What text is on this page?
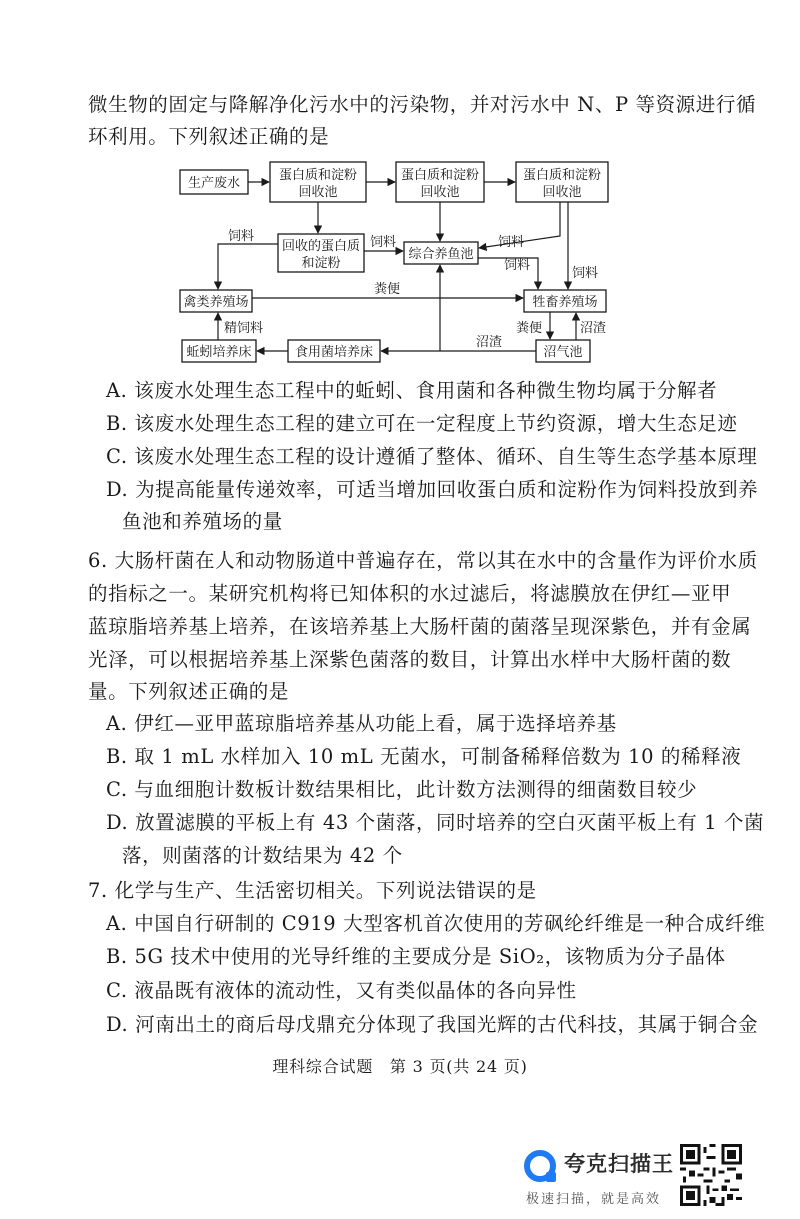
微生物的固定与降解净化污水中的污染物，并对污水中 N、P 等资源进行循
环利用。下列叙述正确的是
生产废水
蛋白质和淀粉
回收池
蛋白质和淀粉
回收池
蛋白质和淀粉
回收池
回收的蛋白质
和淀粉
综合养鱼池
禽类养殖场	牲畜养殖场
蚯蚓培养床	食用菌培养床	沼气池
饲料	饲料	饲料
饲料
饲料
粪便
粪便
精饲料	沼渣
沼渣
A. 该废水处理生态工程中的蚯蚓、食用菌和各种微生物均属于分解者
B. 该废水处理生态工程的建立可在一定程度上节约资源，增大生态足迹
C. 该废水处理生态工程的设计遵循了整体、循环、自生等生态学基本原理
D. 为提高能量传递效率，可适当增加回收蛋白质和淀粉作为饲料投放到养
鱼池和养殖场的量
6. 大肠杆菌在人和动物肠道中普遍存在，常以其在水中的含量作为评价水质
的指标之一。某研究机构将已知体积的水过滤后，将滤膜放在伊红—亚甲
蓝琼脂培养基上培养，在该培养基上大肠杆菌的菌落呈现深紫色，并有金属
光泽，可以根据培养基上深紫色菌落的数目，计算出水样中大肠杆菌的数
量。下列叙述正确的是
A. 伊红—亚甲蓝琼脂培养基从功能上看，属于选择培养基
B. 取 1 mL 水样加入 10 mL 无菌水，可制备稀释倍数为 10 的稀释液
C. 与血细胞计数板计数结果相比，此计数方法测得的细菌数目较少
D. 放置滤膜的平板上有 43 个菌落，同时培养的空白灭菌平板上有 1 个菌
落，则菌落的计数结果为 42 个
7. 化学与生产、生活密切相关。下列说法错误的是
A. 中国自行研制的 C919 大型客机首次使用的芳砜纶纤维是一种合成纤维
B. 5G 技术中使用的光导纤维的主要成分是 SiO₂，该物质为分子晶体
C. 液晶既有液体的流动性，又有类似晶体的各向异性
D. 河南出土的商后母戊鼎充分体现了我国光辉的古代科技，其属于铜合金
理科综合试题　第 3 页(共 24 页)
夸克扫描王
极速扫描，就是高效
